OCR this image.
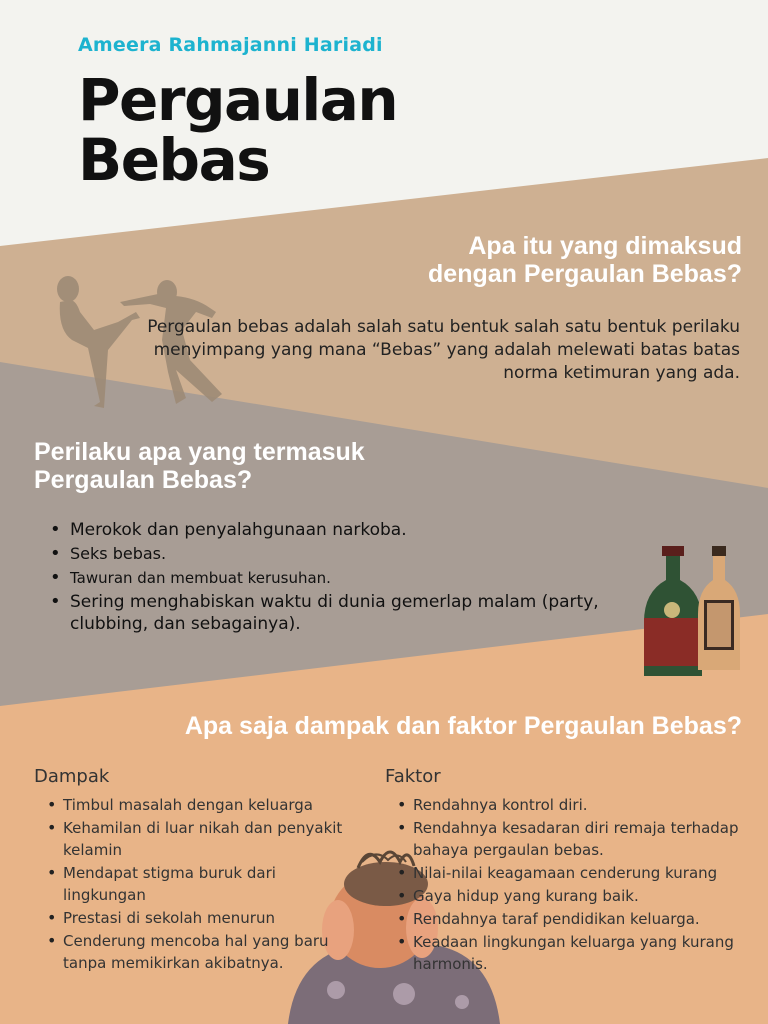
Ameera Rahmajanni Hariadi
Pergaulan
Bebas
Apa itu yang dimaksud
dengan Pergaulan Bebas?
Pergaulan bebas adalah salah satu bentuk salah satu bentuk perilaku
menyimpang yang mana “Bebas” yang adalah melewati batas batas
norma ketimuran yang ada.
Perilaku apa yang termasuk
Pergaulan Bebas?
• Merokok dan penyalahgunaan narkoba.
• Seks bebas.
• Tawuran dan membuat kerusuhan.
• Sering menghabiskan waktu di dunia gemerlap malam (party, clubbing, dan sebagainya).
Apa saja dampak dan faktor Pergaulan Bebas?
Dampak	Faktor
• Timbul masalah dengan keluarga
• Kehamilan di luar nikah dan penyakit kelamin
• Mendapat stigma buruk dari lingkungan
• Prestasi di sekolah menurun
• Cenderung mencoba hal yang baru tanpa memikirkan akibatnya.
• Rendahnya kontrol diri.
• Rendahnya kesadaran diri remaja terhadap bahaya pergaulan bebas.
• Nilai-nilai keagamaan cenderung kurang
• Gaya hidup yang kurang baik.
• Rendahnya taraf pendidikan keluarga.
• Keadaan lingkungan keluarga yang kurang harmonis.
